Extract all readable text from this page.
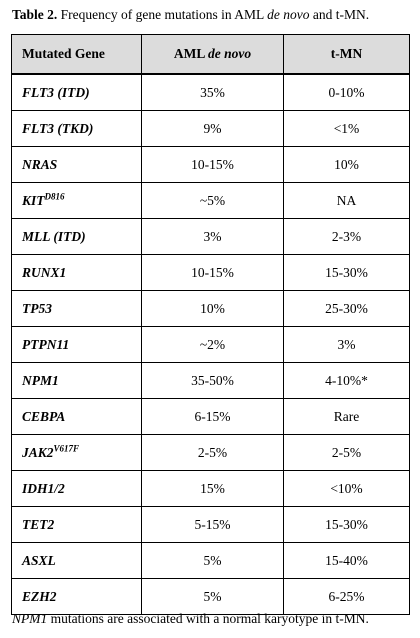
Table 2. Frequency of gene mutations in AML de novo and t-MN.
Mutated Gene	AML de novo	t-MN
FLT3 (ITD)	35%	0-10%
FLT3 (TKD)	9%	<1%
NRAS	10-15%	10%
$KIT^{D816}$	~5%	NA
MLL (ITD)	3%	2-3%
RUNX1	10-15%	15-30%
TP53	10%	25-30%
PTPN11	~2%	3%
NPM1	35-50%	4-10%*
CEBPA	6-15%	Rare
$JAK2^{V617F}$	2-5%	2-5%
IDH1/2	15%	<10%
TET2	5-15%	15-30%
ASXL	5%	15-40%
EZH2	5%	6-25%
NPM1 mutations are associated with a normal karyotype in t-MN.
